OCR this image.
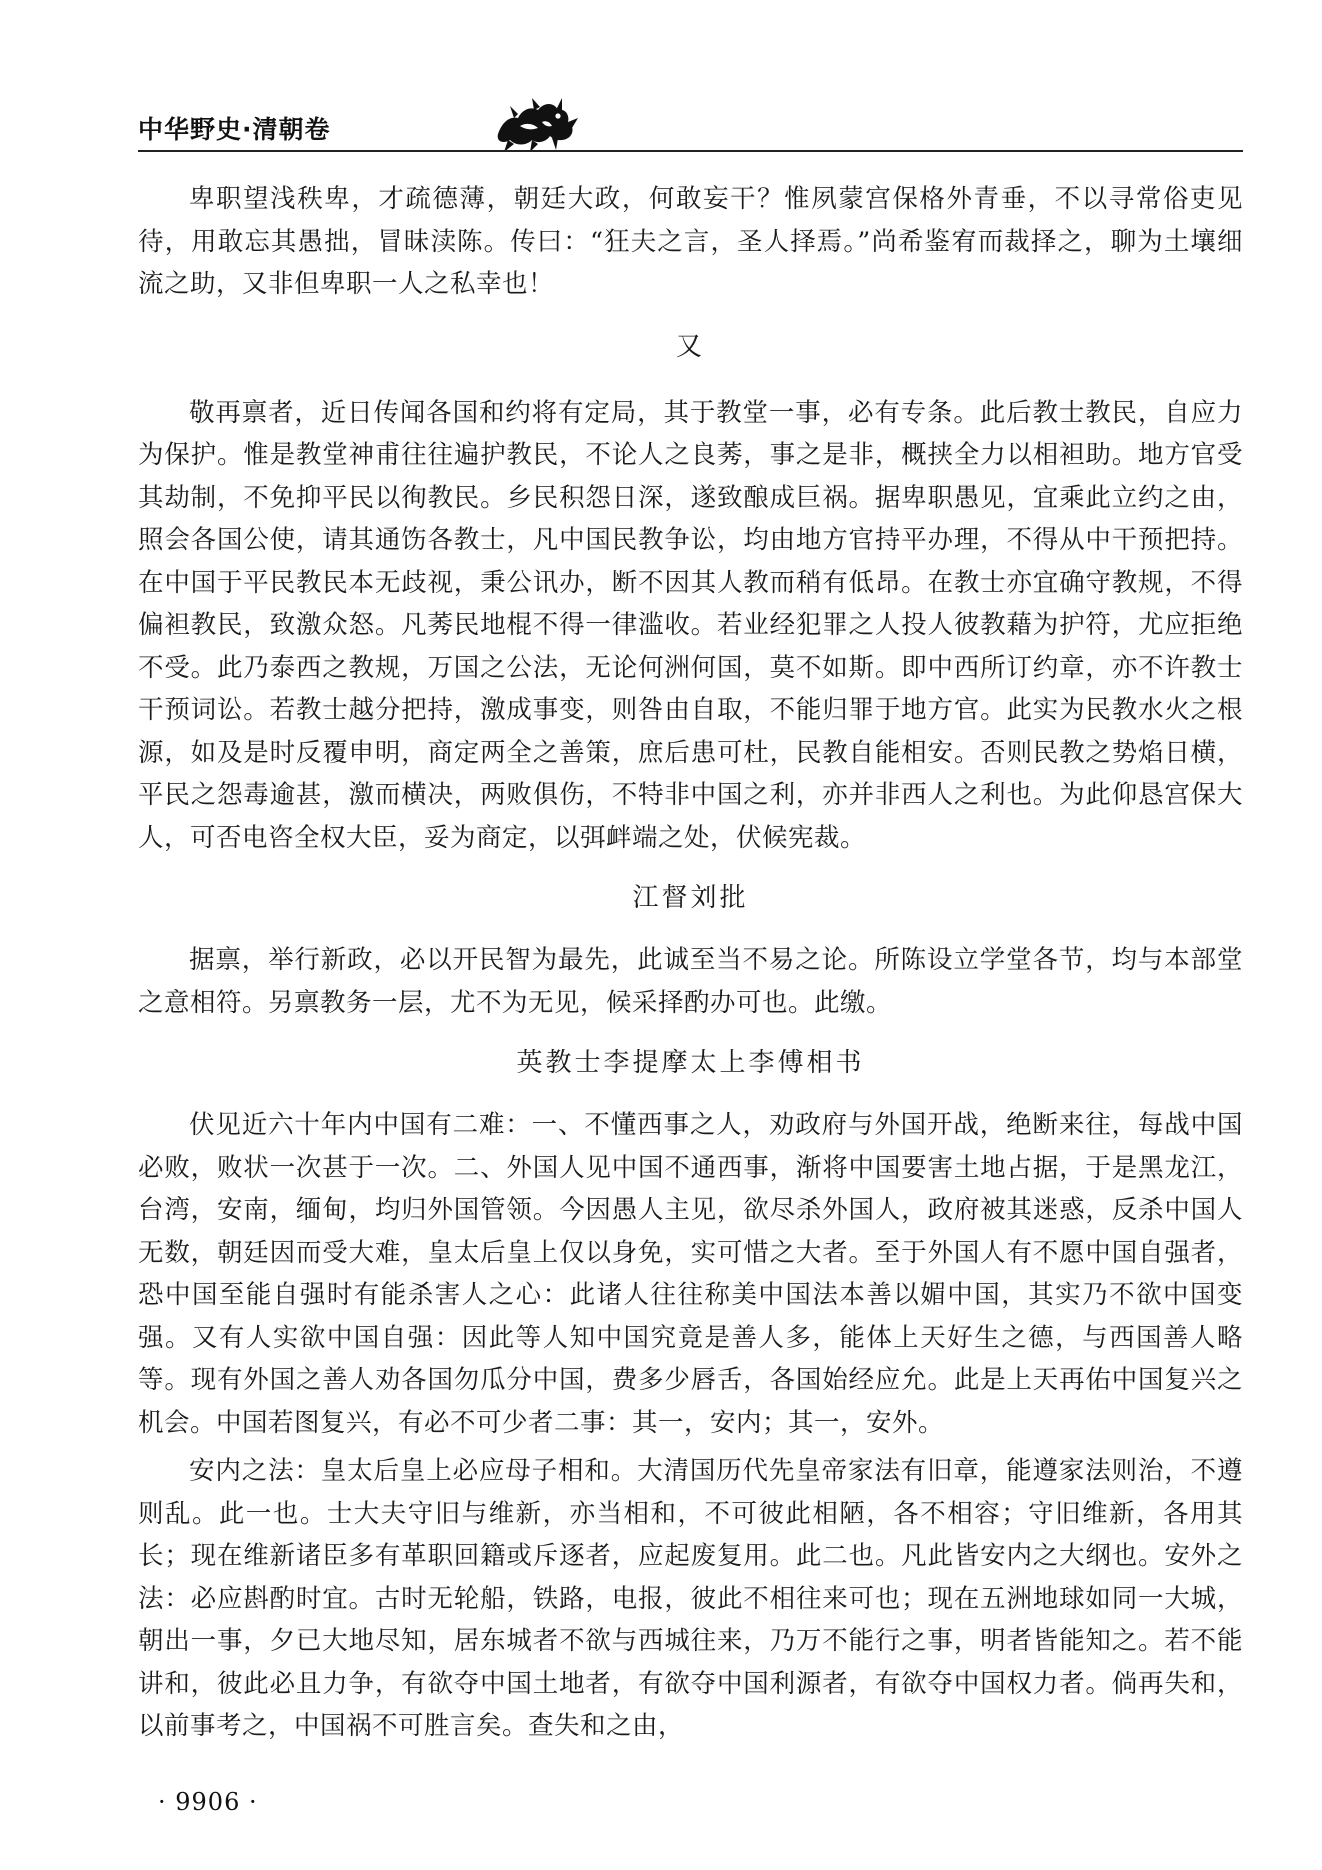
中华野史·清朝卷

卑职望浅秩卑，才疏德薄，朝廷大政，何敢妄干？惟夙蒙宫保格外青垂，不以寻常俗吏见待，用敢忘其愚拙，冒昧渎陈。传曰：“狂夫之言，圣人择焉。”尚希鉴宥而裁择之，聊为土壤细流之助，又非但卑职一人之私幸也！

又

敬再禀者，近日传闻各国和约将有定局，其于教堂一事，必有专条。此后教士教民，自应力为保护。惟是教堂神甫往往遍护教民，不论人之良莠，事之是非，概挟全力以相袒助。地方官受其劫制，不免抑平民以徇教民。乡民积怨日深，遂致酿成巨祸。据卑职愚见，宜乘此立约之由，照会各国公使，请其通饬各教士，凡中国民教争讼，均由地方官持平办理，不得从中干预把持。在中国于平民教民本无歧视，秉公讯办，断不因其人教而稍有低昂。在教士亦宜确守教规，不得偏袒教民，致激众怒。凡莠民地棍不得一律滥收。若业经犯罪之人投人彼教藉为护符，尤应拒绝不受。此乃泰西之教规，万国之公法，无论何洲何国，莫不如斯。即中西所订约章，亦不许教士干预词讼。若教士越分把持，激成事变，则咎由自取，不能归罪于地方官。此实为民教水火之根源，如及是时反覆申明，商定两全之善策，庶后患可杜，民教自能相安。否则民教之势焰日横，平民之怨毒逾甚，激而横决，两败俱伤，不特非中国之利，亦并非西人之利也。为此仰恳宫保大人，可否电咨全权大臣，妥为商定，以弭衅端之处，伏候宪裁。

江督刘批

据禀，举行新政，必以开民智为最先，此诚至当不易之论。所陈设立学堂各节，均与本部堂之意相符。另禀教务一层，尤不为无见，候采择酌办可也。此缴。

英教士李提摩太上李傅相书

伏见近六十年内中国有二难：一、不懂西事之人，劝政府与外国开战，绝断来往，每战中国必败，败状一次甚于一次。二、外国人见中国不通西事，渐将中国要害土地占据，于是黑龙江，台湾，安南，缅甸，均归外国管领。今因愚人主见，欲尽杀外国人，政府被其迷惑，反杀中国人无数，朝廷因而受大难，皇太后皇上仅以身免，实可惜之大者。至于外国人有不愿中国自强者，恐中国至能自强时有能杀害人之心：此诸人往往称美中国法本善以媚中国，其实乃不欲中国变强。又有人实欲中国自强：因此等人知中国究竟是善人多，能体上天好生之德，与西国善人略等。现有外国之善人劝各国勿瓜分中国，费多少唇舌，各国始经应允。此是上天再佑中国复兴之机会。中国若图复兴，有必不可少者二事：其一，安内；其一，安外。

安内之法：皇太后皇上必应母子相和。大清国历代先皇帝家法有旧章，能遵家法则治，不遵则乱。此一也。士大夫守旧与维新，亦当相和，不可彼此相陋，各不相容；守旧维新，各用其长；现在维新诸臣多有革职回籍或斥逐者，应起废复用。此二也。凡此皆安内之大纲也。安外之法：必应斟酌时宜。古时无轮船，铁路，电报，彼此不相往来可也；现在五洲地球如同一大城，朝出一事，夕已大地尽知，居东城者不欲与西城往来，乃万不能行之事，明者皆能知之。若不能讲和，彼此必且力争，有欲夺中国土地者，有欲夺中国利源者，有欲夺中国权力者。倘再失和，以前事考之，中国祸不可胜言矣。查失和之由，

· 9906 ·
